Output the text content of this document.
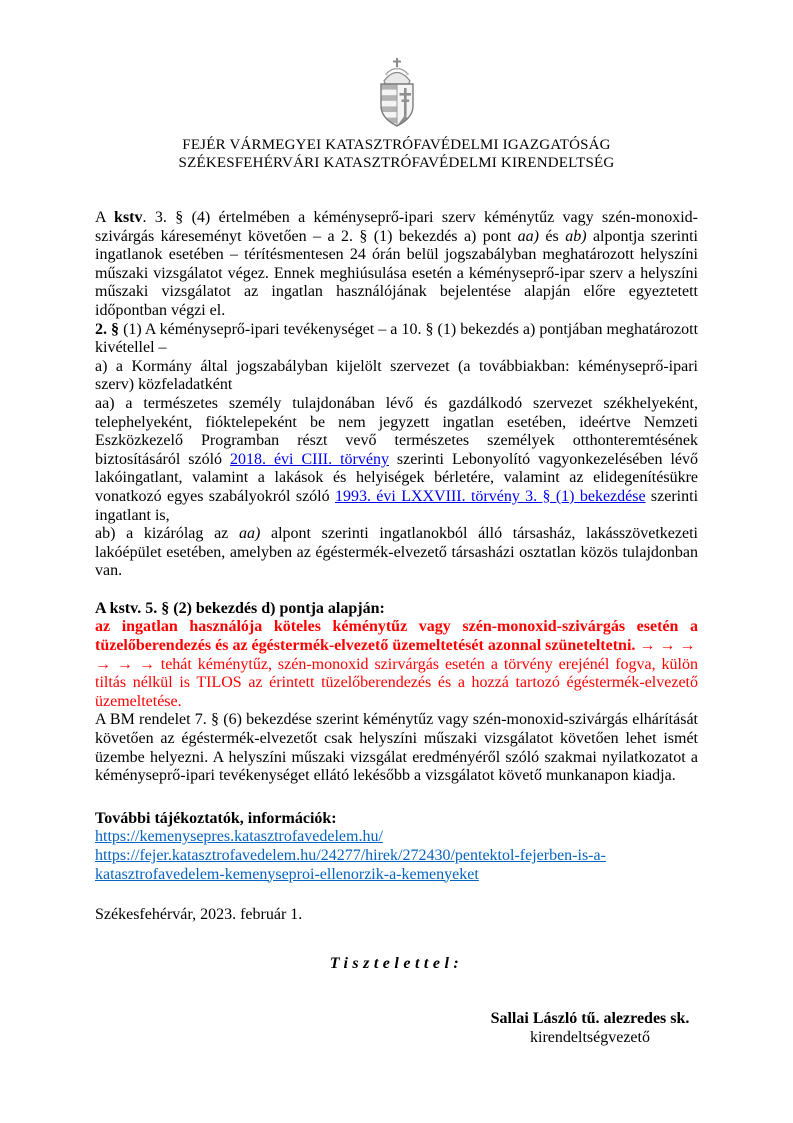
FEJÉR VÁRMEGYEI KATASZTRÓFAVÉDELMI IGAZGATÓSÁG
SZÉKESFEHÉRVÁRI KATASZTRÓFAVÉDELMI KIRENDELTSÉG

A kstv. 3. § (4) értelmében a kéményseprő-ipari szerv kéménytűz vagy szén-monoxid-szivárgás káreseményt követően – a 2. § (1) bekezdés a) pont aa) és ab) alpontja szerinti ingatlanok esetében – térítésmentesen 24 órán belül jogszabályban meghatározott helyszíni műszaki vizsgálatot végez. Ennek meghiúsulása esetén a kéményseprő-ipar szerv a helyszíni műszaki vizsgálatot az ingatlan használójának bejelentése alapján előre egyeztetett időpontban végzi el.

2. § (1) A kéményseprő-ipari tevékenységet – a 10. § (1) bekezdés a) pontjában meghatározott kivétellel –

a) a Kormány által jogszabályban kijelölt szervezet (a továbbiakban: kéményseprő-ipari szerv) közfeladatként

aa) a természetes személy tulajdonában lévő és gazdálkodó szervezet székhelyeként, telephelyeként, fióktelepeként be nem jegyzett ingatlan esetében, ideértve Nemzeti Eszközkezelő Programban részt vevő természetes személyek otthonteremtésének biztosításáról szóló 2018. évi CIII. törvény szerinti Lebonyolító vagyonkezelésében lévő lakóingatlant, valamint a lakások és helyiségek bérletére, valamint az elidegenítésükre vonatkozó egyes szabályokról szóló 1993. évi LXXVIII. törvény 3. § (1) bekezdése szerinti ingatlant is,

ab) a kizárólag az aa) alpont szerinti ingatlanokból álló társasház, lakásszövetkezeti lakóépület esetében, amelyben az égéstermék-elvezető társasházi osztatlan közös tulajdonban van.

A kstv. 5. § (2) bekezdés d) pontja alapján:

az ingatlan használója köteles kéménytűz vagy szén-monoxid-szivárgás esetén a tüzelőberendezés és az égéstermék-elvezető üzemeltetését azonnal szüneteltetni. → → →

→ → → tehát kéménytűz, szén-monoxid szirvárgás esetén a törvény erejénél fogva, külön tiltás nélkül is TILOS az érintett tüzelőberendezés és a hozzá tartozó égéstermék-elvezető üzemeltetése.

A BM rendelet 7. § (6) bekezdése szerint kéménytűz vagy szén-monoxid-szivárgás elhárítását követően az égéstermék-elvezetőt csak helyszíni műszaki vizsgálatot követően lehet ismét üzembe helyezni. A helyszíni műszaki vizsgálat eredményéről szóló szakmai nyilatkozatot a kéményseprő-ipari tevékenységet ellátó lekésőbb a vizsgálatot követő munkanapon kiadja.

További tájékoztatók, információk:

https://kemenysepres.katasztrofavedelem.hu/

https://fejer.katasztrofavedelem.hu/24277/hirek/272430/pentektol-fejerben-is-a-katasztrofavedelem-kemenyseproi-ellenorzik-a-kemenyeket

Székesfehérvár, 2023. február 1.

Tisztelettel:

Sallai László tű. alezredes sk.
kirendeltségvezető
